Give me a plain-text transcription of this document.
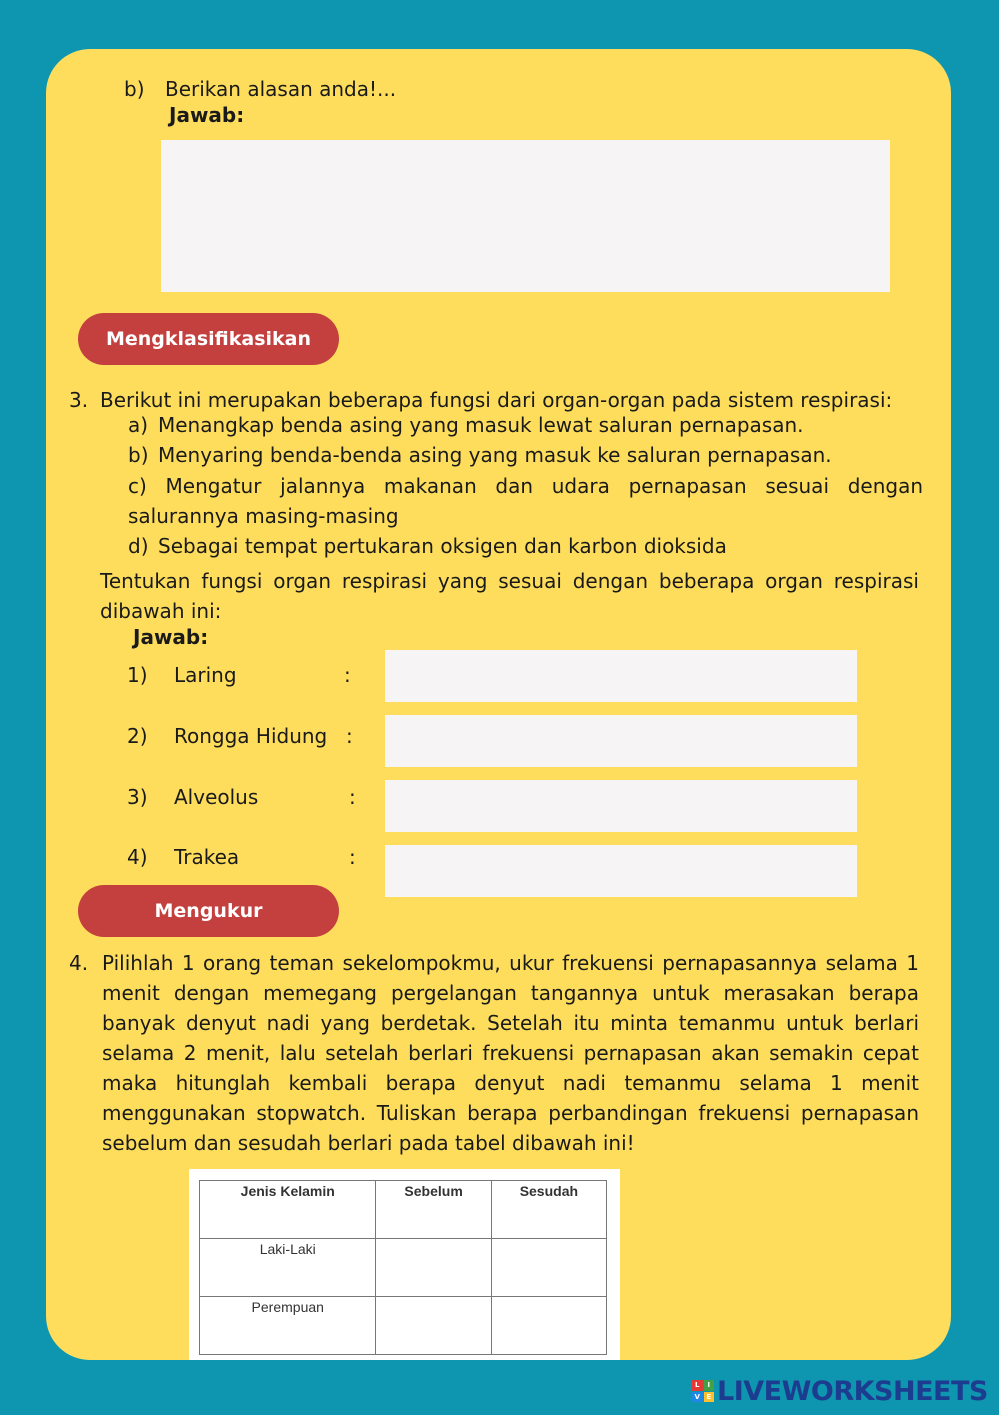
b) Berikan alasan anda!...
Jawab:
Mengklasifikasikan
3. Berikut ini merupakan beberapa fungsi dari organ-organ pada sistem respirasi:
a) Menangkap benda asing yang masuk lewat saluran pernapasan.
b) Menyaring benda-benda asing yang masuk ke saluran pernapasan.
c) Mengatur jalannya makanan dan udara pernapasan sesuai dengan salurannya masing-masing
d) Sebagai tempat pertukaran oksigen dan karbon dioksida
Tentukan fungsi organ respirasi yang sesuai dengan beberapa organ respirasi dibawah ini:
Jawab:
1) Laring	:
2) Rongga Hidung :
3) Alveolus	:
4) Trakea	:
Mengukur
4. Pilihlah 1 orang teman sekelompokmu, ukur frekuensi pernapasannya selama 1 menit dengan memegang pergelangan tangannya untuk merasakan berapa banyak denyut nadi yang berdetak. Setelah itu minta temanmu untuk berlari selama 2 menit, lalu setelah berlari frekuensi pernapasan akan semakin cepat maka hitunglah kembali berapa denyut nadi temanmu selama 1 menit menggunakan stopwatch. Tuliskan berapa perbandingan frekuensi pernapasan sebelum dan sesudah berlari pada tabel dibawah ini!
Jenis Kelamin	Sebelum	Sesudah
Laki-Laki		
Perempuan		
L	I
V E LIVEWORKSHEETS
